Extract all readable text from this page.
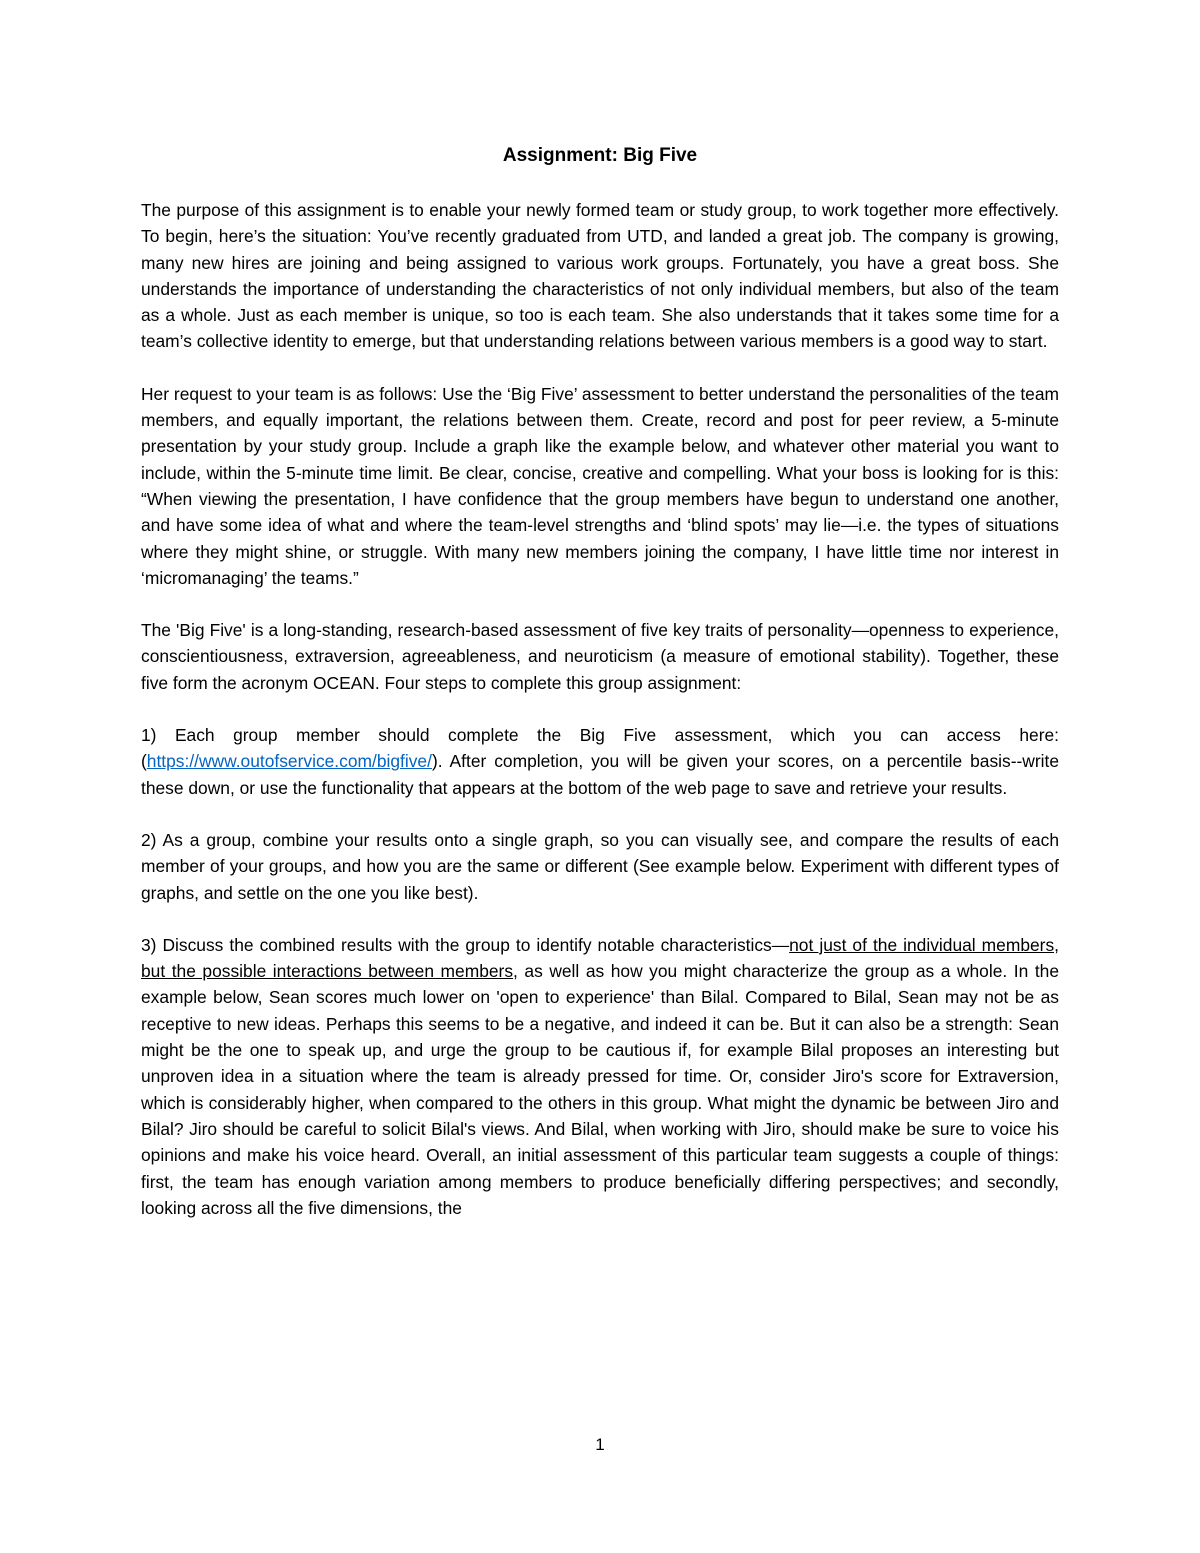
Assignment: Big Five

The purpose of this assignment is to enable your newly formed team or study group, to work together more effectively. To begin, here’s the situation: You’ve recently graduated from UTD, and landed a great job. The company is growing, many new hires are joining and being assigned to various work groups. Fortunately, you have a great boss. She understands the importance of understanding the characteristics of not only individual members, but also of the team as a whole. Just as each member is unique, so too is each team. She also understands that it takes some time for a team’s collective identity to emerge, but that understanding relations between various members is a good way to start.

Her request to your team is as follows: Use the ‘Big Five’ assessment to better understand the personalities of the team members, and equally important, the relations between them. Create, record and post for peer review, a 5-minute presentation by your study group. Include a graph like the example below, and whatever other material you want to include, within the 5-minute time limit. Be clear, concise, creative and compelling. What your boss is looking for is this: “When viewing the presentation, I have confidence that the group members have begun to understand one another, and have some idea of what and where the team-level strengths and ‘blind spots’ may lie—i.e. the types of situations where they might shine, or struggle. With many new members joining the company, I have little time nor interest in ‘micromanaging’ the teams.”

The 'Big Five' is a long-standing, research-based assessment of five key traits of personality—openness to experience, conscientiousness, extraversion, agreeableness, and neuroticism (a measure of emotional stability). Together, these five form the acronym OCEAN. Four steps to complete this group assignment:

1) Each group member should complete the Big Five assessment, which you can access here: (https://www.outofservice.com/bigfive/). After completion, you will be given your scores, on a percentile basis--write these down, or use the functionality that appears at the bottom of the web page to save and retrieve your results.

2) As a group, combine your results onto a single graph, so you can visually see, and compare the results of each member of your groups, and how you are the same or different (See example below. Experiment with different types of graphs, and settle on the one you like best).

3) Discuss the combined results with the group to identify notable characteristics—not just of the individual members, but the possible interactions between members, as well as how you might characterize the group as a whole. In the example below, Sean scores much lower on 'open to experience' than Bilal. Compared to Bilal, Sean may not be as receptive to new ideas. Perhaps this seems to be a negative, and indeed it can be. But it can also be a strength: Sean might be the one to speak up, and urge the group to be cautious if, for example Bilal proposes an interesting but unproven idea in a situation where the team is already pressed for time. Or, consider Jiro's score for Extraversion, which is considerably higher, when compared to the others in this group. What might the dynamic be between Jiro and Bilal? Jiro should be careful to solicit Bilal's views. And Bilal, when working with Jiro, should make be sure to voice his opinions and make his voice heard. Overall, an initial assessment of this particular team suggests a couple of things: first, the team has enough variation among members to produce beneficially differing perspectives; and secondly, looking across all the five dimensions, the

1
